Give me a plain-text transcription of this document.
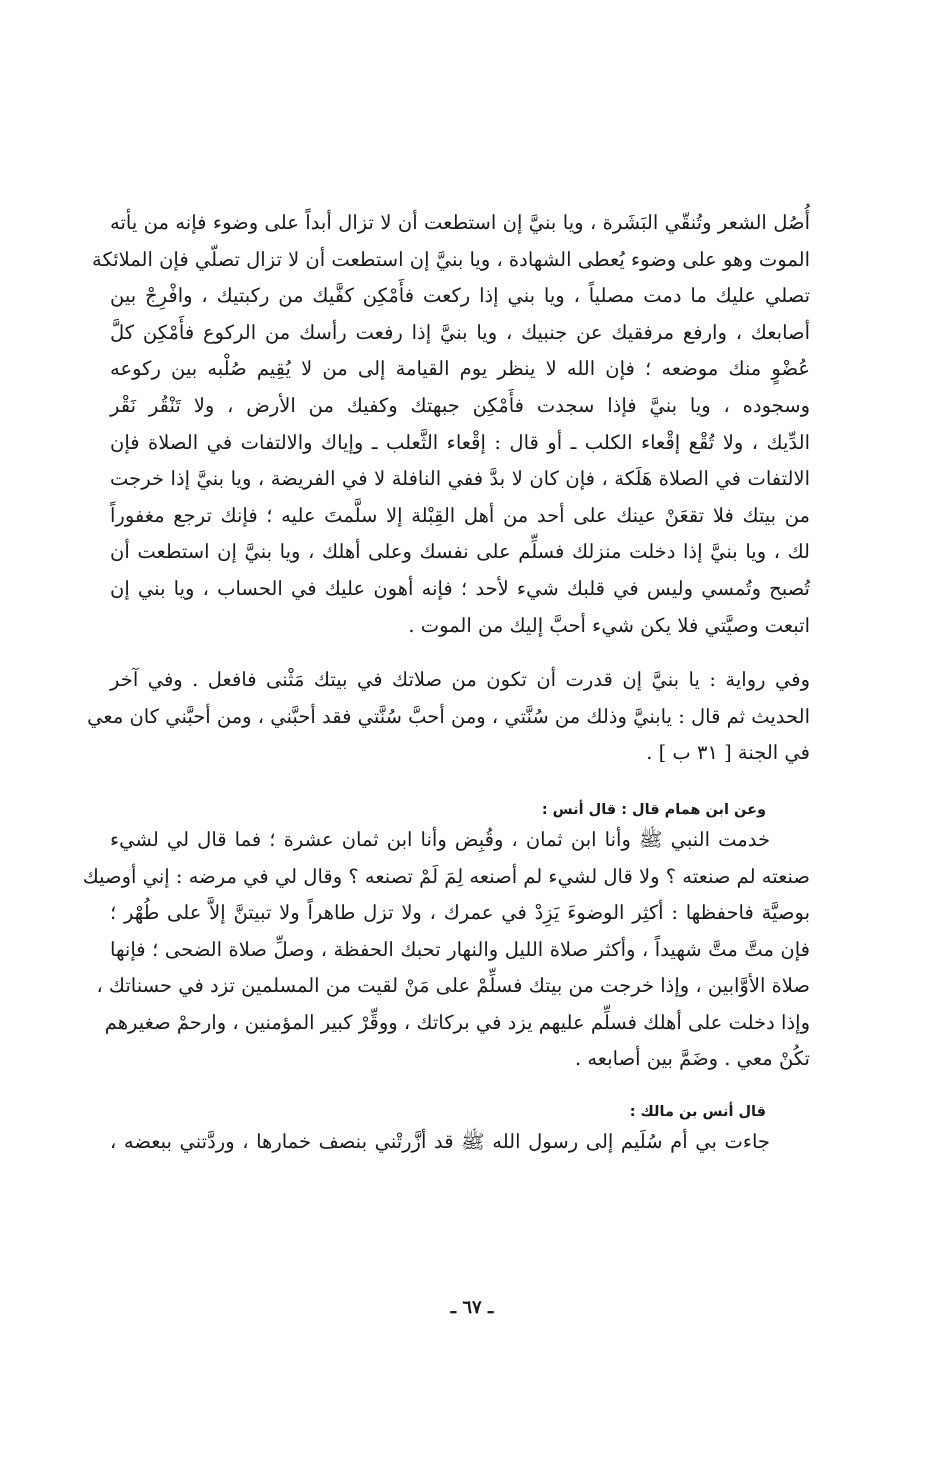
أُصُل الشعر وتُنقّي البَشَرة ، ويا بنيَّ إن استطعت أن لا تزال أبداً على وضوء فإنه من يأته
الموت وهو على وضوء يُعطى الشهادة ، ويا بنيَّ إن استطعت أن لا تزال تصلّي فإن الملائكة
تصلي عليك ما دمت مصلياً ، ويا بني إذا ركعت فأَمْكِن كفَّيك من ركبتيك ، وافْرِجْ بين
أصابعك ، وارفع مرفقيك عن جنبيك ، ويا بنيَّ إذا رفعت رأسك من الركوع فأَمْكِن كلَّ
عُضْوٍ منك موضعه ؛ فإن الله لا ينظر يوم القيامة إلى من لا يُقِيم صُلْبه بين ركوعه
وسجوده ، ويا بنيَّ فإذا سجدت فأَمْكِن جبهتك وكفيك من الأرض ، ولا تَنْقُر نَقْر
الدِّيك ، ولا تُقْع إقْعاء الكلب ـ أو قال : إقْعاء الثَّعلب ـ وإياك والالتفات في الصلاة فإن
الالتفات في الصلاة هَلَكة ، فإن كان لا بدَّ ففي النافلة لا في الفريضة ، ويا بنيَّ إذا خرجت
من بيتك فلا تقعَنْ عينك على أحد من أهل القِبْلة إلا سلَّمتَ عليه ؛ فإنك ترجع مغفوراً
لك ، ويا بنيَّ إذا دخلت منزلك فسلِّم على نفسك وعلى أهلك ، ويا بنيَّ إن استطعت أن
تُصبح وتُمسي وليس في قلبك شيء لأحد ؛ فإنه أهون عليك في الحساب ، ويا بني إن
اتبعت وصيَّتي فلا يكن شيء أحبَّ إليك من الموت .
وفي رواية : يا بنيَّ إن قدرت أن تكون من صلاتك في بيتك مَثْنى فافعل . وفي آخر
الحديث ثم قال : يابنيَّ وذلك من سُنَّتي ، ومن أحبَّ سُنَّتي فقد أحبَّني ، ومن أحبَّني كان معي
في الجنة [ ٣١ ب ] .

وعن ابن همام قال : قال أنس :

خدمت النبي ﷺ وأنا ابن ثمان ، وقُبِض وأنا ابن ثمان عشرة ؛ فما قال لي لشيء
صنعته لم صنعته ؟ ولا قال لشيء لم أصنعه لِمَ لَمْ تصنعه ؟ وقال لي في مرضه : إني أوصيك
بوصيَّة فاحفظها : أكثِر الوضوءَ يَزِدْ في عمرك ، ولا تزل طاهراً ولا تبيتنَّ إلاَّ على طُهْر ؛
فإن متَّ متَّ شهيداً ، وأكثر صلاة الليل والنهار تحبك الحفظة ، وصلِّ صلاة الضحى ؛ فإنها
صلاة الأوَّابين ، وإذا خرجت من بيتك فسلِّمْ على مَنْ لقيت من المسلمين تزد في حسناتك ،
وإذا دخلت على أهلك فسلِّم عليهم يزد في بركاتك ، ووقِّرْ كبير المؤمنين ، وارحمْ صغيرهم
تكُنْ معي . وضَمَّ بين أصابعه .

قال أنس بن مالك :

جاءت بي أم سُلَيم إلى رسول الله ﷺ قد أزَّرتْني بنصف خمارها ، وردَّتني ببعضه ،
ـ ٦٧ ـ
